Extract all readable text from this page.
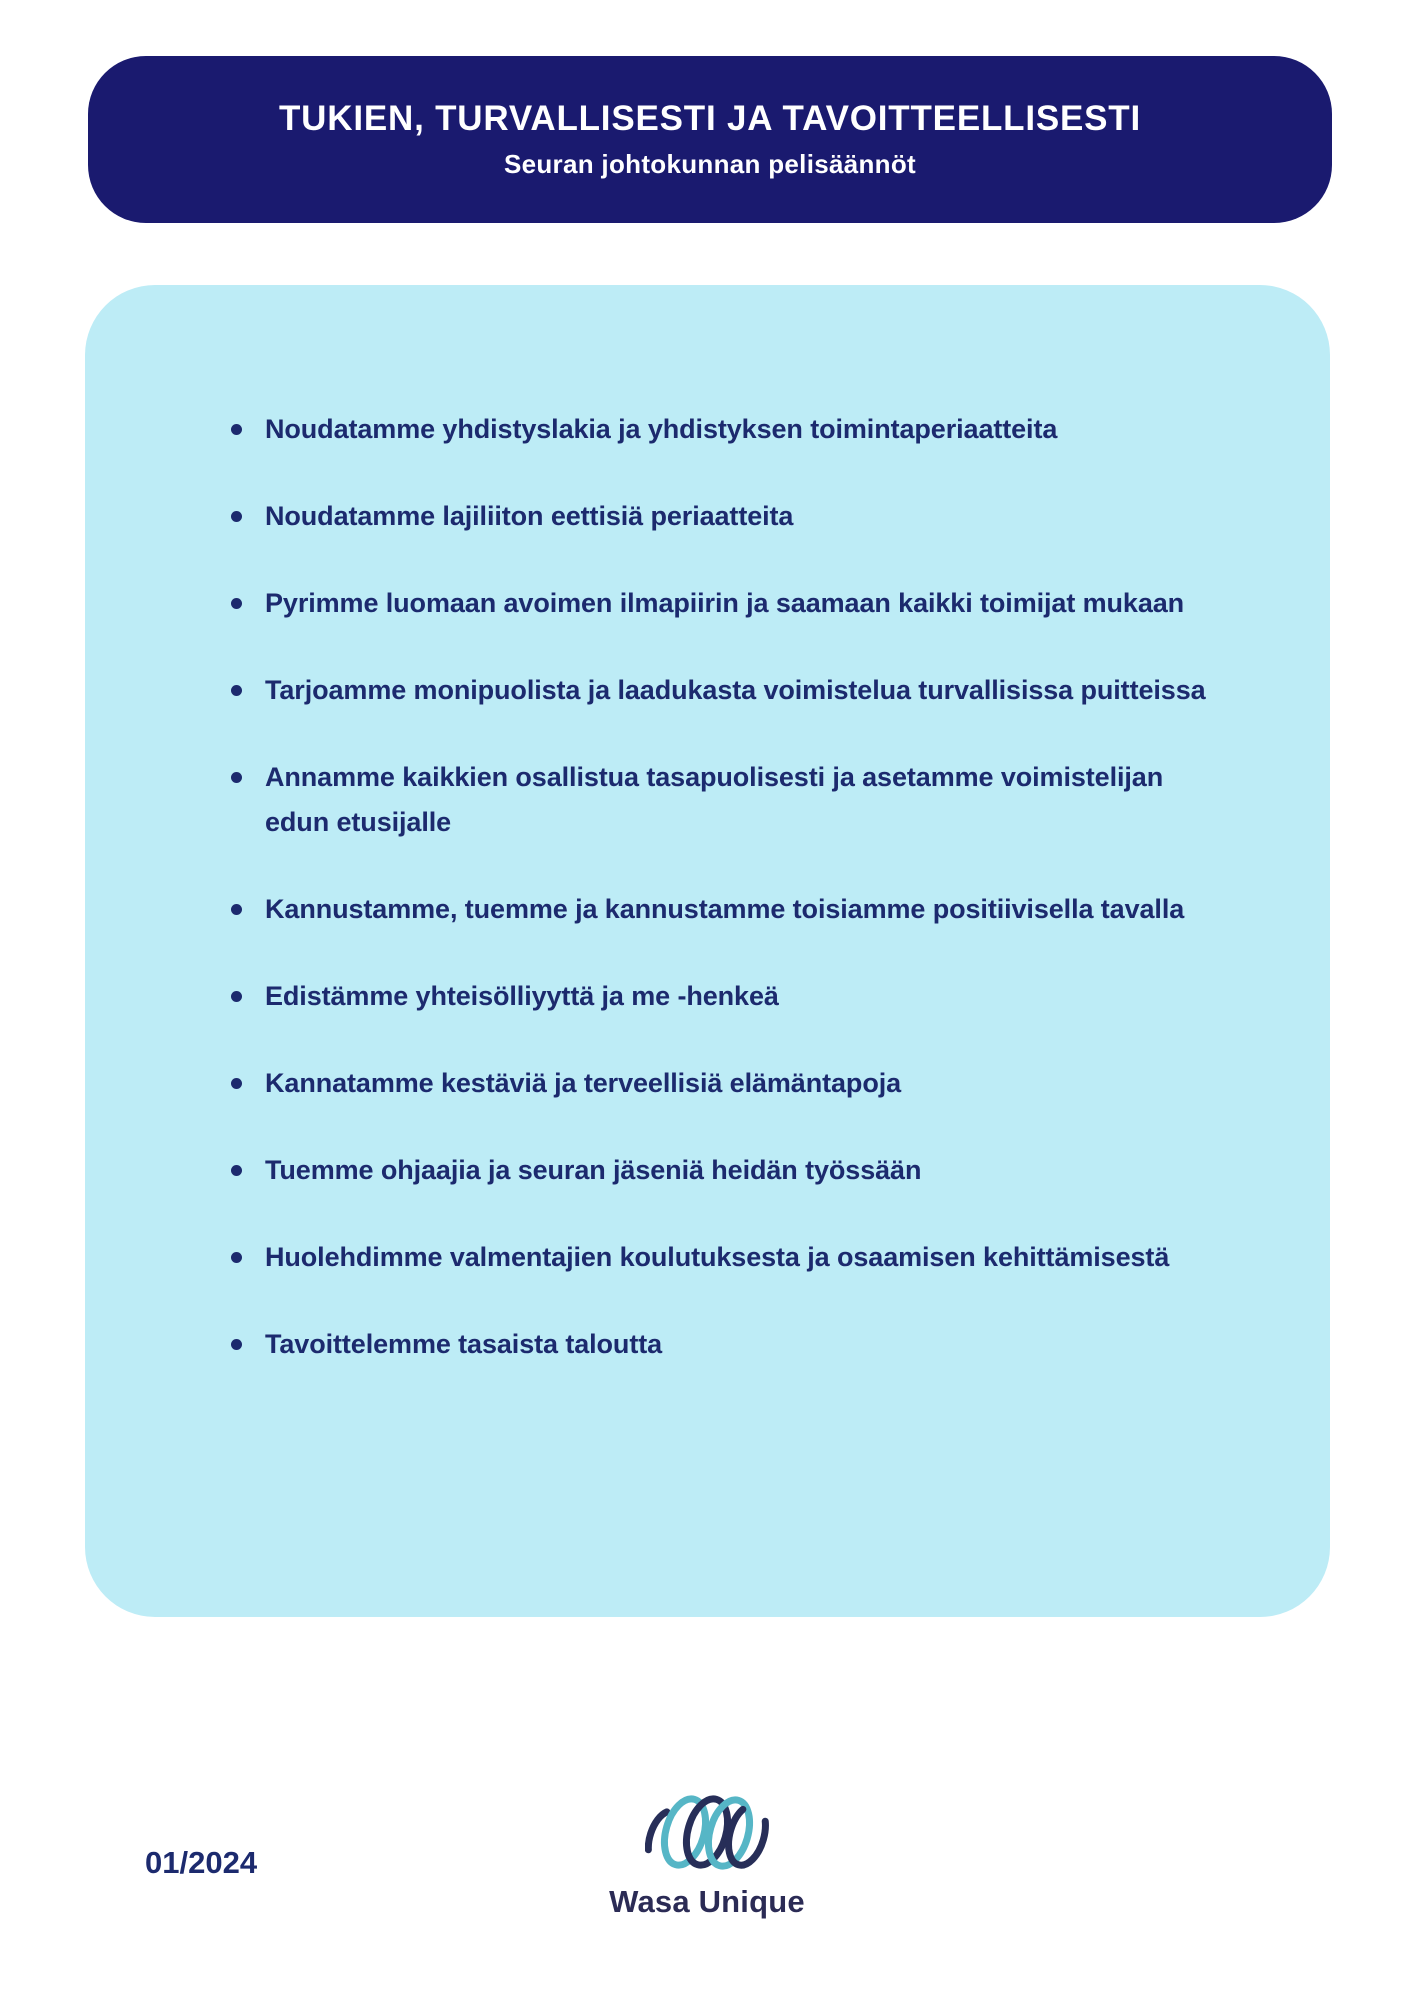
TUKIEN, TURVALLISESTI JA TAVOITTEELLISESTI
Seuran johtokunnan pelisäännöt
Noudatamme yhdistyslakia ja yhdistyksen toimintaperiaatteita
Noudatamme lajiliiton eettisiä periaatteita
Pyrimme luomaan avoimen ilmapiirin ja saamaan kaikki toimijat mukaan
Tarjoamme monipuolista ja laadukasta voimistelua turvallisissa puitteissa
Annamme kaikkien osallistua tasapuolisesti ja asetamme voimistelijan edun etusijalle
Kannustamme, tuemme ja kannustamme toisiamme positiivisella tavalla
Edistämme yhteisölliyyttä ja me -henkeä
Kannatamme kestäviä ja terveellisiä elämäntapoja
Tuemme ohjaajia ja seuran jäseniä heidän työssään
Huolehdimme valmentajien koulutuksesta ja osaamisen kehittämisestä
Tavoittelemme tasaista taloutta
01/2024
Wasa Unique
